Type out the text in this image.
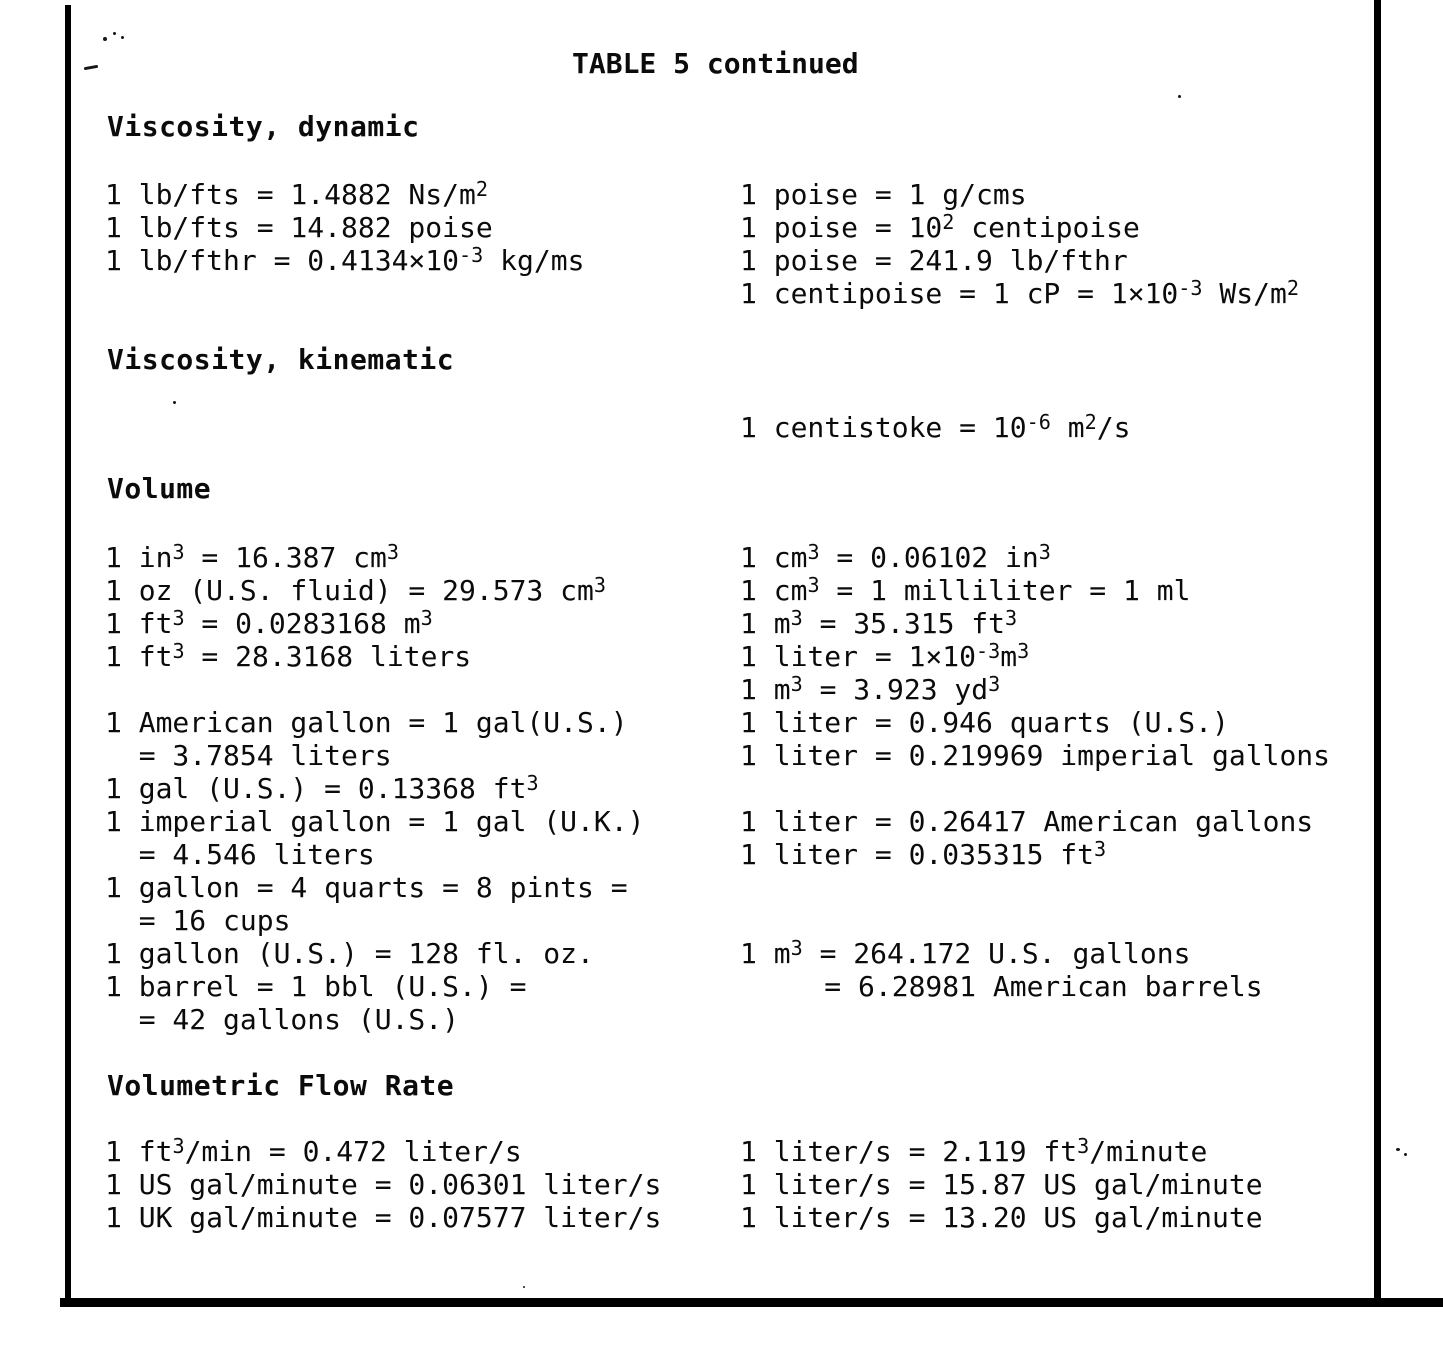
TABLE 5 continued
Viscosity, dynamic
1 lb/fts = 1.4882 $Ns/m^2$
1 lb/fts = 14.882 poise
1 lb/fthr = $0.4134\times 10^{-3}$ kg/ms
1 poise = 1 g/cms
1 poise = $10^2$ centipoise
1 poise = 241.9 lb/fthr
1 centipoise = 1 cP = $1\times 10^{-3}$ $Ws/m^2$
Viscosity, kinematic
1 centistoke = $10^{-6}$ $m^2/s$
Volume
1 $in^3 = 16.387$ $cm^3$
1 oz (U.S. fluid) = 29.573 $cm^3$
1 $ft^3 = 0.0283168$ $m^3$
1 $ft^3 = 28.3168$ liters

1 American gallon = 1 gal(U.S.)
= 3.7854 liters
1 gal (U.S.) = 0.13368 $ft^3$
1 imperial gallon = 1 gal (U.K.)
= 4.546 liters
1 gallon = 4 quarts = 8 pints =
= 16 cups
1 gallon (U.S.) = 128 fl. oz.
1 barrel = 1 bbl (U.S.) =
= 42 gallons (U.S.)
1 $cm^3 = 0.06102$ $in^3$
1 $cm^3 = 1$ milliliter = 1 ml
1 $m^3 = 35.315$ $ft^3$
1 liter = $1\times 10^{-3}m^3$
1 $m^3 = 3.923$ $yd^3$
1 liter = 0.946 quarts (U.S.)
1 liter = 0.219969 imperial gallons

1 liter = 0.26417 American gallons
1 liter = 0.035315 $ft^3$

1 $m^3 = 264.172$ U.S. gallons
= 6.28981 American barrels
Volumetric Flow Rate
1 $ft^3/\min = 0.472$ liter/s
1 US gal/minute = 0.06301 liter/s
1 UK gal/minute = 0.07577 liter/s
1 liter/s = 2.119 $ft^3$/minute
1 liter/s = 15.87 US gal/minute
1 liter/s = 13.20 US gal/minute
